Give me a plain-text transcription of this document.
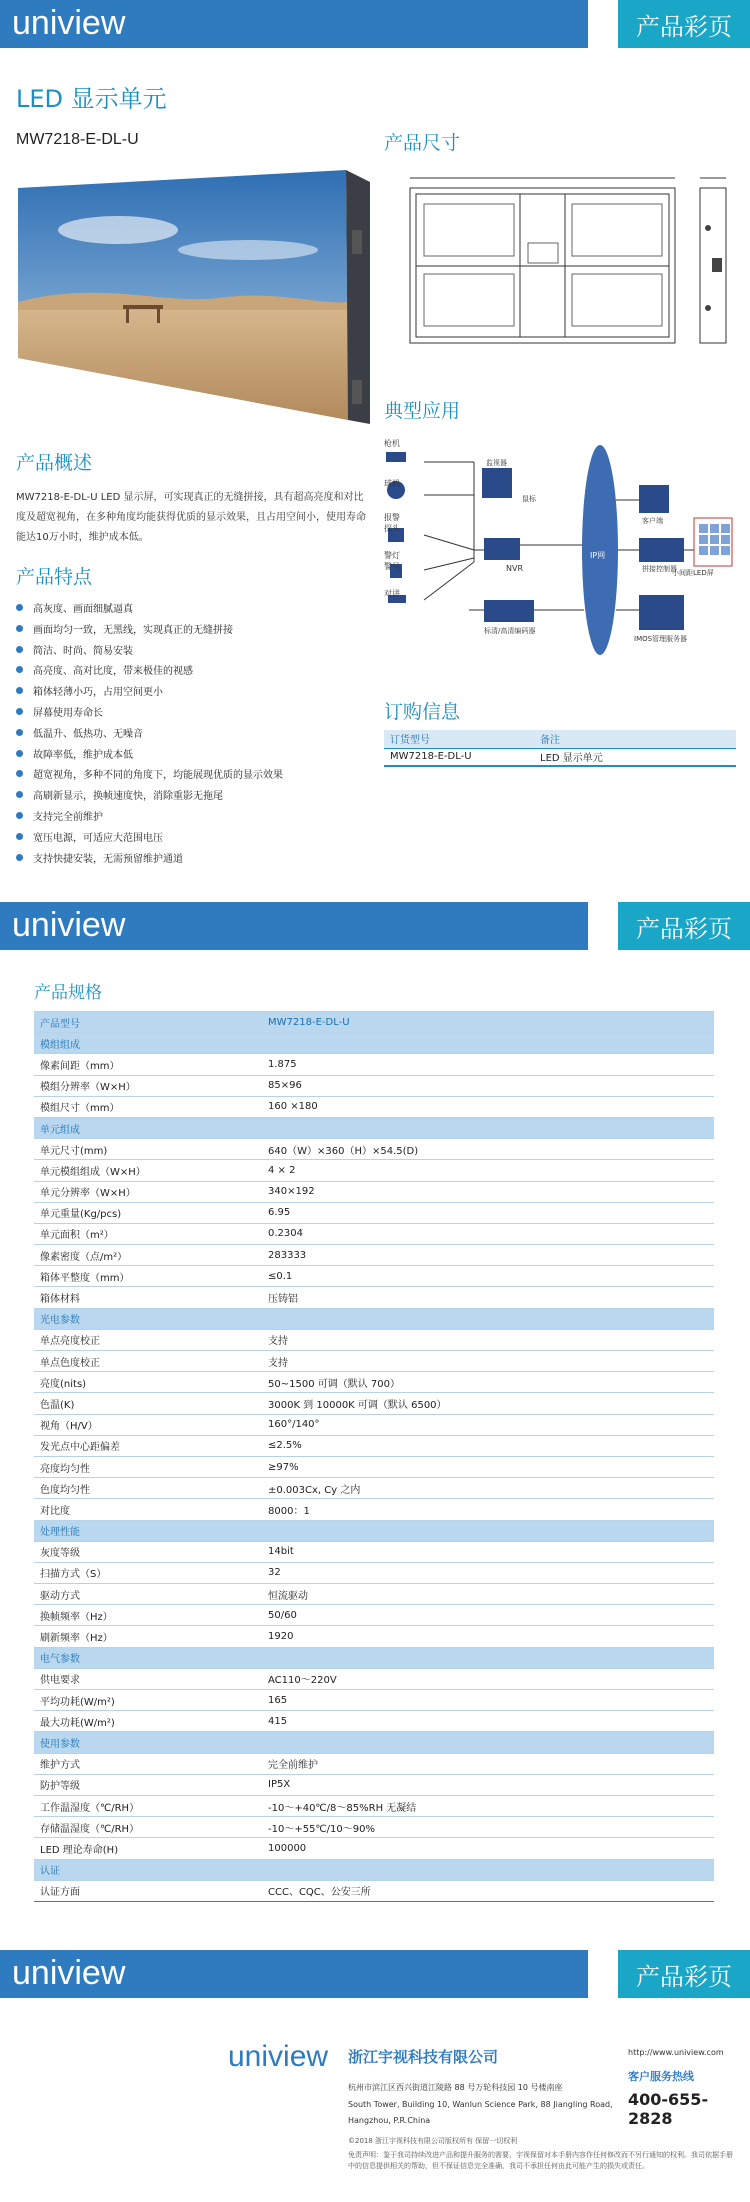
uniview	产品彩页
LED 显示单元
MW7218-E-DL-U	产品尺寸
典型应用
枪机
球机
报警
探头
警灯
警号
对讲
监视器
鼠标
NVR
IP网
客户端
拼接控制器
小间距LED屏
标清/高清编码器
IMOS管理服务器
产品概述
MW7218-E-DL-U LED 显示屏，可实现真正的无缝拼接，具有超高亮度和对比度及超宽视角，在多种角度均能获得优质的显示效果，且占用空间小，使用寿命能达10万小时，维护成本低。
产品特点
高灰度、画面细腻逼真
画面均匀一致，无黑线，实现真正的无缝拼接
简洁、时尚、简易安装
高亮度、高对比度，带来极佳的视感
箱体轻薄小巧，占用空间更小
屏幕使用寿命长
低温升、低热功、无噪音
故障率低，维护成本低
超宽视角，多种不同的角度下，均能展现优质的显示效果
高刷新显示，换帧速度快，消除重影无拖尾
支持完全前维护
宽压电源，可适应大范围电压
支持快捷安装，无需预留维护通道
订购信息
订货型号	备注
MW7218-E-DL-U	LED 显示单元
uniview	产品彩页
产品规格
产品型号	MW7218-E-DL-U
模组组成	
像素间距（mm）	1.875
模组分辨率（W×H）	85×96
模组尺寸（mm）	160 ×180
单元组成	
单元尺寸(mm)	640（W）×360（H）×54.5(D)
单元模组组成（W×H）	4 × 2
单元分辨率（W×H）	340×192
单元重量(Kg/pcs)	6.95
单元面积（m²）	0.2304
像素密度（点/m²）	283333
箱体平整度（mm）	≤0.1
箱体材料	压铸铝
光电参数	
单点亮度校正	支持
单点色度校正	支持
亮度(nits)	50~1500 可调（默认 700）
色温(K)	3000K 到 10000K 可调（默认 6500）
视角（H/V）	160°/140°
发光点中心距偏差	≤2.5%
亮度均匀性	≥97%
色度均匀性	±0.003Cx, Cy 之内
对比度	8000：1
处理性能	
灰度等级	14bit
扫描方式（S）	32
驱动方式	恒流驱动
换帧频率（Hz）	50/60
刷新频率（Hz）	1920
电气参数	
供电要求	AC110～220V
平均功耗(W/m²)	165
最大功耗(W/m²)	415
使用参数	
维护方式	完全前维护
防护等级	IP5X
工作温湿度（℃/RH）	-10～+40℃/8～85%RH 无凝结
存储温湿度（℃/RH）	-10～+55℃/10～90%
LED 理论寿命(H)	100000
认证	
认证方面	CCC、CQC、公安三所
uniview	产品彩页
uniview 浙江宇视科技有限公司	http://www.uniview.com
杭州市滨江区西兴街道江陵路 88 号万轮科技园 10 号楼南座
South Tower, Building 10, Wanlun Science Park, 88 Jiangling Road,
Hangzhou, P.R.China
客户服务热线
400-655-2828
©2018 浙江宇视科技有限公司版权所有 保留一切权利
免责声明：鉴于我司持续改进产品和提升服务的需要，宇视保留对本手册内容作任何修改而不另行通知的权利。我司依据手册中的信息提供相关的帮助，但不保证信息完全准确，我司不承担任何由此可能产生的损失或责任。
